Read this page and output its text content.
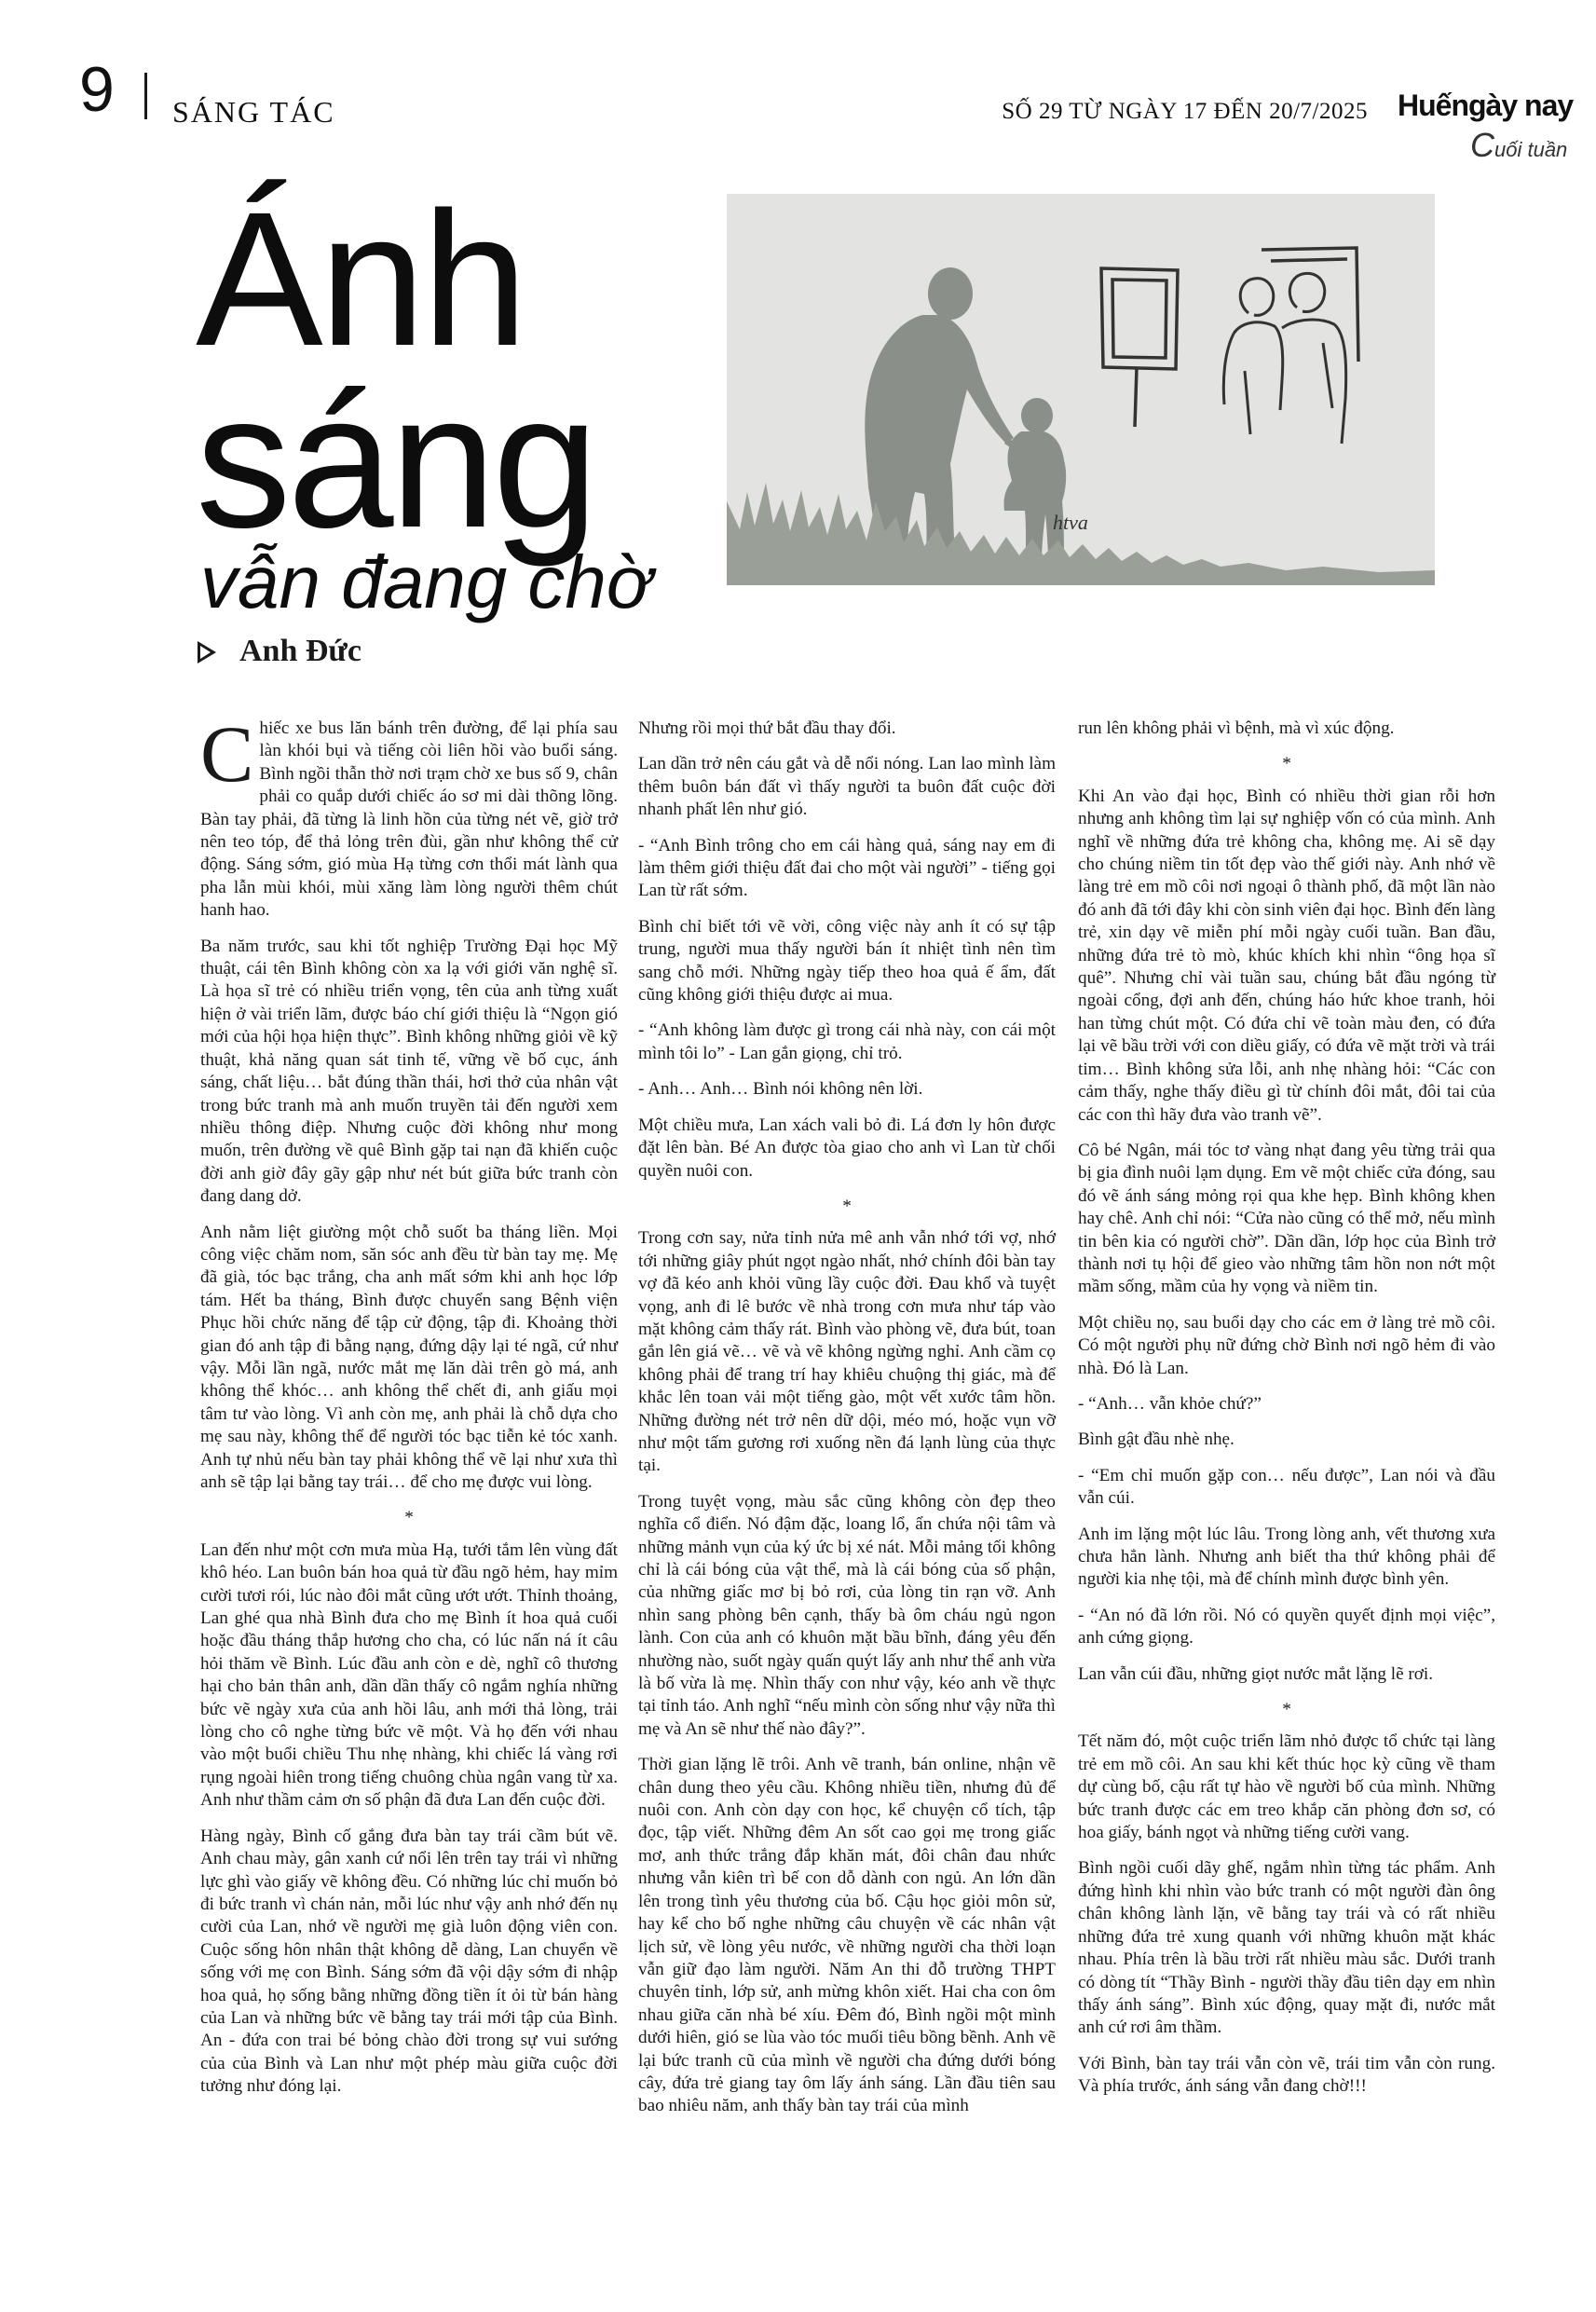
9 SÁNG TÁC	SỐ 29 TỪ NGÀY 17 ĐẾN 20/7/2025 Huếngày nay
Cuối tuần
Ánh
sáng
vẫn đang chờ
Anh Đức
htva

Chiếc xe bus lăn bánh trên đường, để lại phía sau làn khói bụi và tiếng còi liên hồi vào buổi sáng. Bình ngồi thẫn thờ nơi trạm chờ xe bus số 9, chân phải co quắp dưới chiếc áo sơ mi dài thõng lõng. Bàn tay phải, đã từng là linh hồn của từng nét vẽ, giờ trở nên teo tóp, để thả lỏng trên đùi, gần như không thể cử động. Sáng sớm, gió mùa Hạ từng cơn thổi mát lành qua pha lẫn mùi khói, mùi xăng làm lòng người thêm chút hanh hao.

Ba năm trước, sau khi tốt nghiệp Trường Đại học Mỹ thuật, cái tên Bình không còn xa lạ với giới văn nghệ sĩ. Là họa sĩ trẻ có nhiều triển vọng, tên của anh từng xuất hiện ở vài triển lãm, được báo chí giới thiệu là “Ngọn gió mới của hội họa hiện thực”. Bình không những giỏi về kỹ thuật, khả năng quan sát tinh tế, vững về bố cục, ánh sáng, chất liệu… bắt đúng thần thái, hơi thở của nhân vật trong bức tranh mà anh muốn truyền tải đến người xem nhiều thông điệp. Nhưng cuộc đời không như mong muốn, trên đường về quê Bình gặp tai nạn đã khiến cuộc đời anh giờ đây gãy gập như nét bút giữa bức tranh còn đang dang dở.

Anh nằm liệt giường một chỗ suốt ba tháng liền. Mọi công việc chăm nom, săn sóc anh đều từ bàn tay mẹ. Mẹ đã già, tóc bạc trắng, cha anh mất sớm khi anh học lớp tám. Hết ba tháng, Bình được chuyển sang Bệnh viện Phục hồi chức năng để tập cử động, tập đi. Khoảng thời gian đó anh tập đi bằng nạng, đứng dậy lại té ngã, cứ như vậy. Mỗi lần ngã, nước mắt mẹ lăn dài trên gò má, anh không thể khóc… anh không thể chết đi, anh giấu mọi tâm tư vào lòng. Vì anh còn mẹ, anh phải là chỗ dựa cho mẹ sau này, không thể để người tóc bạc tiễn kẻ tóc xanh. Anh tự nhủ nếu bàn tay phải không thể vẽ lại như xưa thì anh sẽ tập lại bằng tay trái… để cho mẹ được vui lòng.

*

Lan đến như một cơn mưa mùa Hạ, tưới tắm lên vùng đất khô héo. Lan buôn bán hoa quả từ đầu ngõ hẻm, hay mỉm cười tươi rói, lúc nào đôi mắt cũng ướt ướt. Thỉnh thoảng, Lan ghé qua nhà Bình đưa cho mẹ Bình ít hoa quả cuối hoặc đầu tháng thắp hương cho cha, có lúc nấn ná ít câu hỏi thăm về Bình. Lúc đầu anh còn e dè, nghĩ cô thương hại cho bản thân anh, dần dần thấy cô ngắm nghía những bức vẽ ngày xưa của anh hồi lâu, anh mới thả lòng, trải lòng cho cô nghe từng bức vẽ một. Và họ đến với nhau vào một buổi chiều Thu nhẹ nhàng, khi chiếc lá vàng rơi rụng ngoài hiên trong tiếng chuông chùa ngân vang từ xa. Anh như thầm cảm ơn số phận đã đưa Lan đến cuộc đời.

Hàng ngày, Bình cố gắng đưa bàn tay trái cầm bút vẽ. Anh chau mày, gân xanh cứ nổi lên trên tay trái vì những lực ghì vào giấy vẽ không đều. Có những lúc chỉ muốn bỏ đi bức tranh vì chán nản, mỗi lúc như vậy anh nhớ đến nụ cười của Lan, nhớ về người mẹ già luôn động viên con. Cuộc sống hôn nhân thật không dễ dàng, Lan chuyển về sống với mẹ con Bình. Sáng sớm đã vội dậy sớm đi nhập hoa quả, họ sống bằng những đồng tiền ít ỏi từ bán hàng của Lan và những bức vẽ bằng tay trái mới tập của Bình. An - đứa con trai bé bỏng chào đời trong sự vui sướng của của Bình và Lan như một phép màu giữa cuộc đời tưởng như đóng lại.

Nhưng rồi mọi thứ bắt đầu thay đổi.

Lan dần trở nên cáu gắt và dễ nổi nóng. Lan lao mình làm thêm buôn bán đất vì thấy người ta buôn đất cuộc đời nhanh phất lên như gió.

- “Anh Bình trông cho em cái hàng quả, sáng nay em đi làm thêm giới thiệu đất đai cho một vài người” - tiếng gọi Lan từ rất sớm.

Bình chỉ biết tới vẽ vời, công việc này anh ít có sự tập trung, người mua thấy người bán ít nhiệt tình nên tìm sang chỗ mới. Những ngày tiếp theo hoa quả ế ẩm, đất cũng không giới thiệu được ai mua.

- “Anh không làm được gì trong cái nhà này, con cái một mình tôi lo” - Lan gắn giọng, chỉ trỏ.

- Anh… Anh… Bình nói không nên lời.

Một chiều mưa, Lan xách vali bỏ đi. Lá đơn ly hôn được đặt lên bàn. Bé An được tòa giao cho anh vì Lan từ chối quyền nuôi con.

*

Trong cơn say, nửa tỉnh nửa mê anh vẫn nhớ tới vợ, nhớ tới những giây phút ngọt ngào nhất, nhớ chính đôi bàn tay vợ đã kéo anh khỏi vũng lầy cuộc đời. Đau khổ và tuyệt vọng, anh đi lê bước về nhà trong cơn mưa như táp vào mặt không cảm thấy rát. Bình vào phòng vẽ, đưa bút, toan gắn lên giá vẽ… vẽ và vẽ không ngừng nghỉ. Anh cầm cọ không phải để trang trí hay khiêu chuộng thị giác, mà để khắc lên toan vải một tiếng gào, một vết xước tâm hồn. Những đường nét trở nên dữ dội, méo mó, hoặc vụn vỡ như một tấm gương rơi xuống nền đá lạnh lùng của thực tại.

Trong tuyệt vọng, màu sắc cũng không còn đẹp theo nghĩa cổ điển. Nó đậm đặc, loang lổ, ẩn chứa nội tâm và những mảnh vụn của ký ức bị xé nát. Mỗi mảng tối không chỉ là cái bóng của vật thể, mà là cái bóng của số phận, của những giấc mơ bị bỏ rơi, của lòng tin rạn vỡ. Anh nhìn sang phòng bên cạnh, thấy bà ôm cháu ngủ ngon lành. Con của anh có khuôn mặt bầu bĩnh, đáng yêu đến nhường nào, suốt ngày quấn quýt lấy anh như thể anh vừa là bố vừa là mẹ. Nhìn thấy con như vậy, kéo anh về thực tại tỉnh táo. Anh nghĩ “nếu mình còn sống như vậy nữa thì mẹ và An sẽ như thế nào đây?”.

Thời gian lặng lẽ trôi. Anh vẽ tranh, bán online, nhận vẽ chân dung theo yêu cầu. Không nhiều tiền, nhưng đủ để nuôi con. Anh còn dạy con học, kể chuyện cổ tích, tập đọc, tập viết. Những đêm An sốt cao gọi mẹ trong giấc mơ, anh thức trắng đắp khăn mát, đôi chân đau nhức nhưng vẫn kiên trì bế con dỗ dành con ngủ. An lớn dần lên trong tình yêu thương của bố. Cậu học giỏi môn sử, hay kể cho bố nghe những câu chuyện về các nhân vật lịch sử, về lòng yêu nước, về những người cha thời loạn vẫn giữ đạo làm người. Năm An thi đỗ trường THPT chuyên tỉnh, lớp sử, anh mừng khôn xiết. Hai cha con ôm nhau giữa căn nhà bé xíu. Đêm đó, Bình ngồi một mình dưới hiên, gió se lùa vào tóc muối tiêu bồng bềnh. Anh vẽ lại bức tranh cũ của mình về người cha đứng dưới bóng cây, đứa trẻ giang tay ôm lấy ánh sáng. Lần đầu tiên sau bao nhiêu năm, anh thấy bàn tay trái của mình

run lên không phải vì bệnh, mà vì xúc động.

*

Khi An vào đại học, Bình có nhiều thời gian rỗi hơn nhưng anh không tìm lại sự nghiệp vốn có của mình. Anh nghĩ về những đứa trẻ không cha, không mẹ. Ai sẽ dạy cho chúng niềm tin tốt đẹp vào thế giới này. Anh nhớ về làng trẻ em mồ côi nơi ngoại ô thành phố, đã một lần nào đó anh đã tới đây khi còn sinh viên đại học. Bình đến làng trẻ, xin dạy vẽ miễn phí mỗi ngày cuối tuần. Ban đầu, những đứa trẻ tò mò, khúc khích khi nhìn “ông họa sĩ quê”. Nhưng chỉ vài tuần sau, chúng bắt đầu ngóng từ ngoài cổng, đợi anh đến, chúng háo hức khoe tranh, hỏi han từng chút một. Có đứa chỉ vẽ toàn màu đen, có đứa lại vẽ bầu trời với con diều giấy, có đứa vẽ mặt trời và trái tim… Bình không sửa lỗi, anh nhẹ nhàng hỏi: “Các con cảm thấy, nghe thấy điều gì từ chính đôi mắt, đôi tai của các con thì hãy đưa vào tranh vẽ”.

Cô bé Ngân, mái tóc tơ vàng nhạt đang yêu từng trải qua bị gia đình nuôi lạm dụng. Em vẽ một chiếc cửa đóng, sau đó vẽ ánh sáng mỏng rọi qua khe hẹp. Bình không khen hay chê. Anh chỉ nói: “Cửa nào cũng có thể mở, nếu mình tin bên kia có người chờ”. Dần dần, lớp học của Bình trở thành nơi tụ hội để gieo vào những tâm hồn non nớt một mầm sống, mầm của hy vọng và niềm tin.

Một chiều nọ, sau buổi dạy cho các em ở làng trẻ mồ côi. Có một người phụ nữ đứng chờ Bình nơi ngõ hẻm đi vào nhà. Đó là Lan.

- “Anh… vẫn khỏe chứ?”

Bình gật đầu nhè nhẹ.

- “Em chỉ muốn gặp con… nếu được”, Lan nói và đầu vẫn cúi.

Anh im lặng một lúc lâu. Trong lòng anh, vết thương xưa chưa hẳn lành. Nhưng anh biết tha thứ không phải để người kia nhẹ tội, mà để chính mình được bình yên.

- “An nó đã lớn rồi. Nó có quyền quyết định mọi việc”, anh cứng giọng.

Lan vẫn cúi đầu, những giọt nước mắt lặng lẽ rơi.

*

Tết năm đó, một cuộc triển lãm nhỏ được tổ chức tại làng trẻ em mồ côi. An sau khi kết thúc học kỳ cũng về tham dự cùng bố, cậu rất tự hào về người bố của mình. Những bức tranh được các em treo khắp căn phòng đơn sơ, có hoa giấy, bánh ngọt và những tiếng cười vang.

Bình ngồi cuối dãy ghế, ngắm nhìn từng tác phẩm. Anh đứng hình khi nhìn vào bức tranh có một người đàn ông chân không lành lặn, vẽ bằng tay trái và có rất nhiều những đứa trẻ xung quanh với những khuôn mặt khác nhau. Phía trên là bầu trời rất nhiều màu sắc. Dưới tranh có dòng tít “Thầy Bình - người thầy đầu tiên dạy em nhìn thấy ánh sáng”. Bình xúc động, quay mặt đi, nước mắt anh cứ rơi âm thầm.

Với Bình, bàn tay trái vẫn còn vẽ, trái tim vẫn còn rung. Và phía trước, ánh sáng vẫn đang chờ!!!
